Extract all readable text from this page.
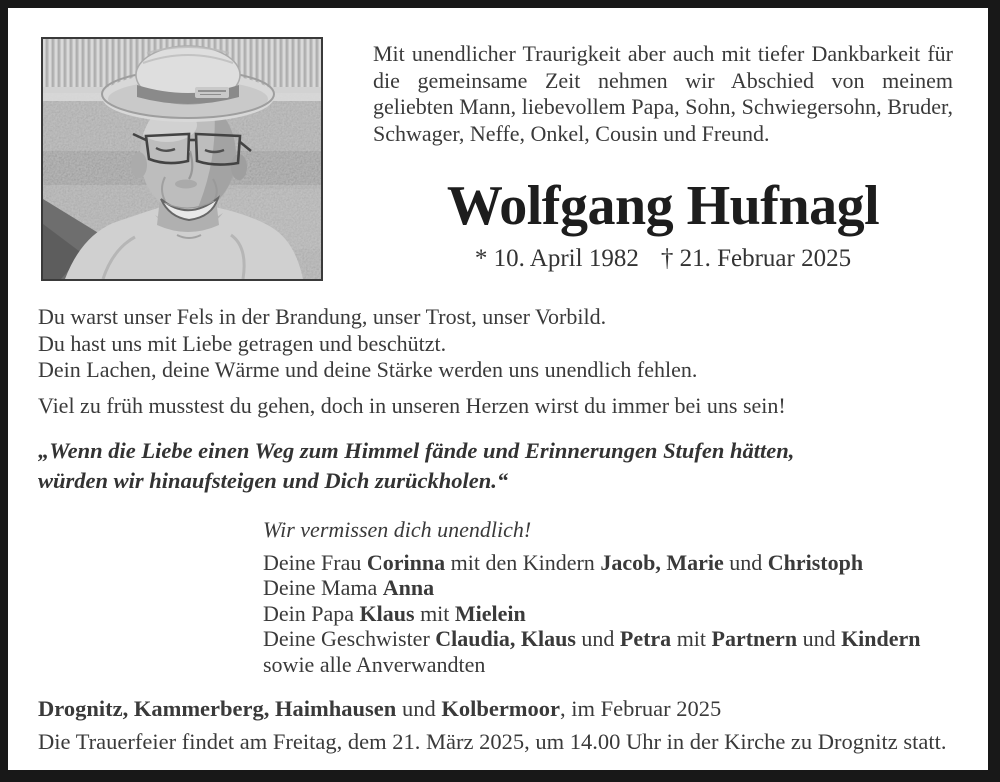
Mit unendlicher Traurigkeit aber auch mit tiefer Dankbarkeit für die gemeinsame Zeit nehmen wir Abschied von meinem geliebten Mann, liebevollem Papa, Sohn, Schwiegersohn, Bruder, Schwager, Neffe, Onkel, Cousin und Freund.
Wolfgang Hufnagl
* 10. April 1982 † 21. Februar 2025
Du warst unser Fels in der Brandung, unser Trost, unser Vorbild.
Du hast uns mit Liebe getragen und beschützt.
Dein Lachen, deine Wärme und deine Stärke werden uns unendlich fehlen.
Viel zu früh musstest du gehen, doch in unseren Herzen wirst du immer bei uns sein!
„Wenn die Liebe einen Weg zum Himmel fände und Erinnerungen Stufen hätten,
würden wir hinaufsteigen und Dich zurückholen.“
Wir vermissen dich unendlich!
Deine Frau Corinna mit den Kindern Jacob, Marie und Christoph
Deine Mama Anna
Dein Papa Klaus mit Mielein
Deine Geschwister Claudia, Klaus und Petra mit Partnern und Kindern
sowie alle Anverwandten
Drognitz, Kammerberg, Haimhausen und Kolbermoor, im Februar 2025
Die Trauerfeier findet am Freitag, dem 21. März 2025, um 14.00 Uhr in der Kirche zu Drognitz statt.
